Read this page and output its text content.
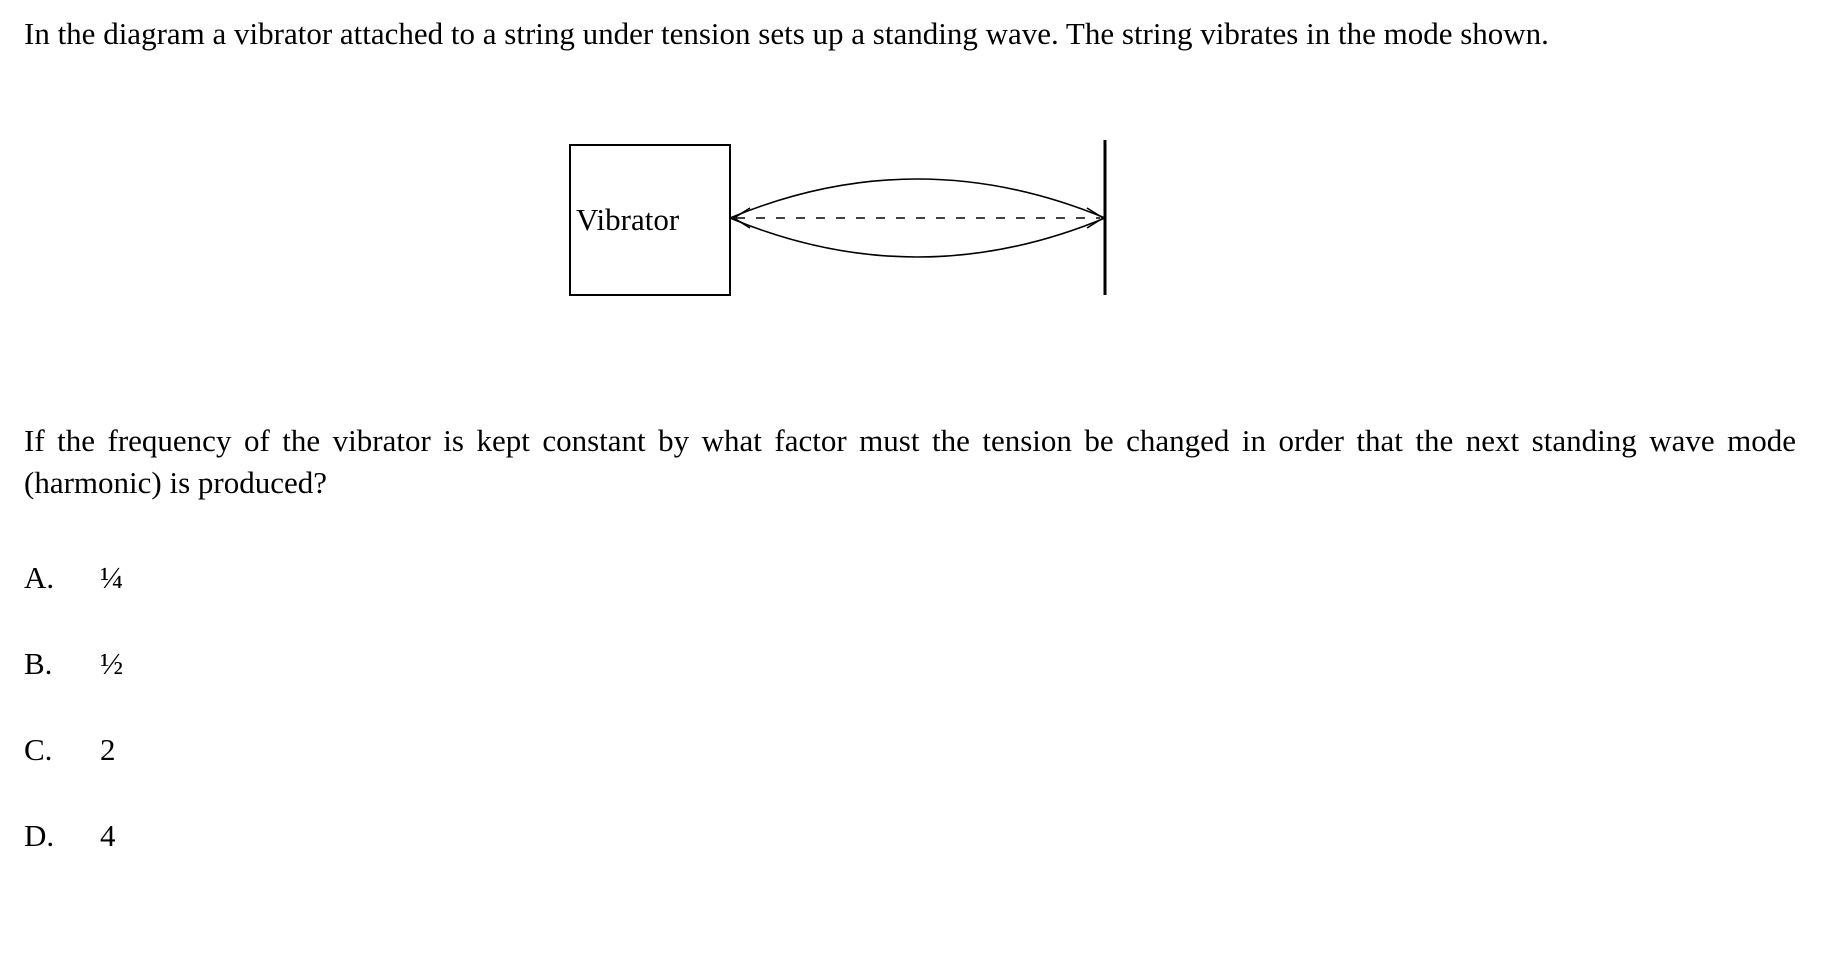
In the diagram a vibrator attached to a string under tension sets up a standing wave. The string vibrates in the mode shown.
Vibrator
If the frequency of the vibrator is kept constant by what factor must the tension be changed in order that the next standing wave mode (harmonic) is produced?
A.	¼
B.	½
C.	2
D.	4
